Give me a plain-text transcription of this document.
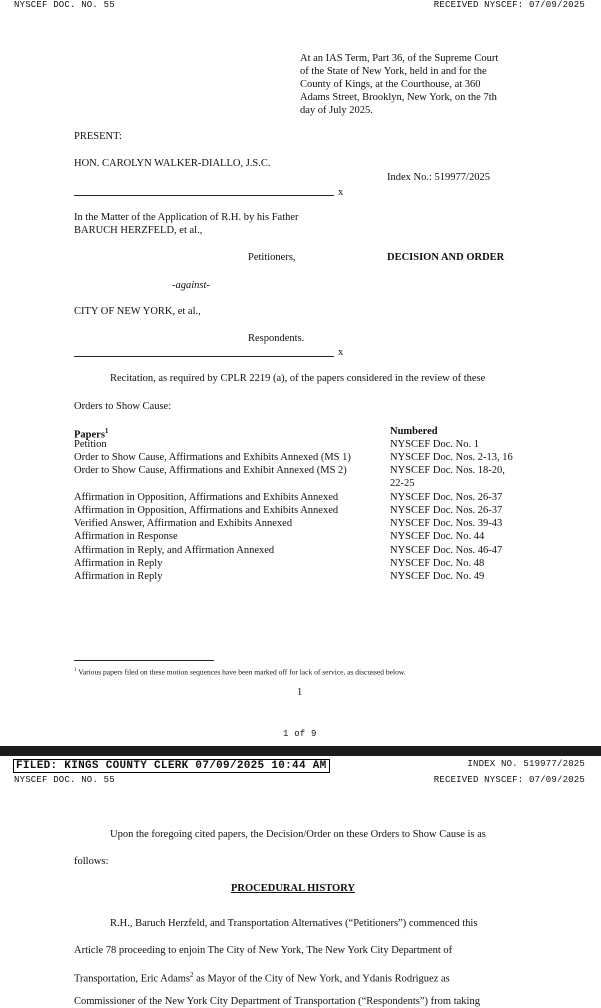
NYSCEF DOC. NO. 55	RECEIVED NYSCEF: 07/09/2025
At an IAS Term, Part 36, of the Supreme Court
of the State of New York, held in and for the
County of Kings, at the Courthouse, at 360
Adams Street, Brooklyn, New York, on the 7th
day of July 2025.
PRESENT:
HON. CAROLYN WALKER-DIALLO, J.S.C.
Index No.: 519977/2025
x
In the Matter of the Application of R.H. by his Father
BARUCH HERZFELD, et al.,
Petitioners,	DECISION AND ORDER
-against-
CITY OF NEW YORK, et al.,
Respondents.
x
Recitation, as required by CPLR 2219 (a), of the papers considered in the review of these
Orders to Show Cause:
Papers$^1$	Numbered
Petition	NYSCEF Doc. No. 1
Order to Show Cause, Affirmations and Exhibits Annexed (MS 1)	NYSCEF Doc. Nos. 2-13, 16
Order to Show Cause, Affirmations and Exhibit Annexed (MS 2)	NYSCEF Doc. Nos. 18-20,
22-25
Affirmation in Opposition, Affirmations and Exhibits Annexed	NYSCEF Doc. Nos. 26-37
Affirmation in Opposition, Affirmations and Exhibits Annexed	NYSCEF Doc. Nos. 26-37
Verified Answer, Affirmation and Exhibits Annexed	NYSCEF Doc. Nos. 39-43
Affirmation in Response	NYSCEF Doc. No. 44
Affirmation in Reply, and Affirmation Annexed	NYSCEF Doc. Nos. 46-47
Affirmation in Reply	NYSCEF Doc. No. 48
Affirmation in Reply	NYSCEF Doc. No. 49
$^1$ Various papers filed on these motion sequences have been marked off for lack of service, as discussed below.
1
1 of 9
FILED: KINGS COUNTY CLERK 07/09/2025 10:44 AM	INDEX NO. 519977/2025
NYSCEF DOC. NO. 55	RECEIVED NYSCEF: 07/09/2025
Upon the foregoing cited papers, the Decision/Order on these Orders to Show Cause is as
follows:
PROCEDURAL HISTORY
R.H., Baruch Herzfeld, and Transportation Alternatives (“Petitioners”) commenced this
Article 78 proceeding to enjoin The City of New York, The New York City Department of
Transportation, Eric Adams$^2$ as Mayor of the City of New York, and Ydanis Rodriguez as
Commissioner of the New York City Department of Transportation (“Respondents”) from taking
